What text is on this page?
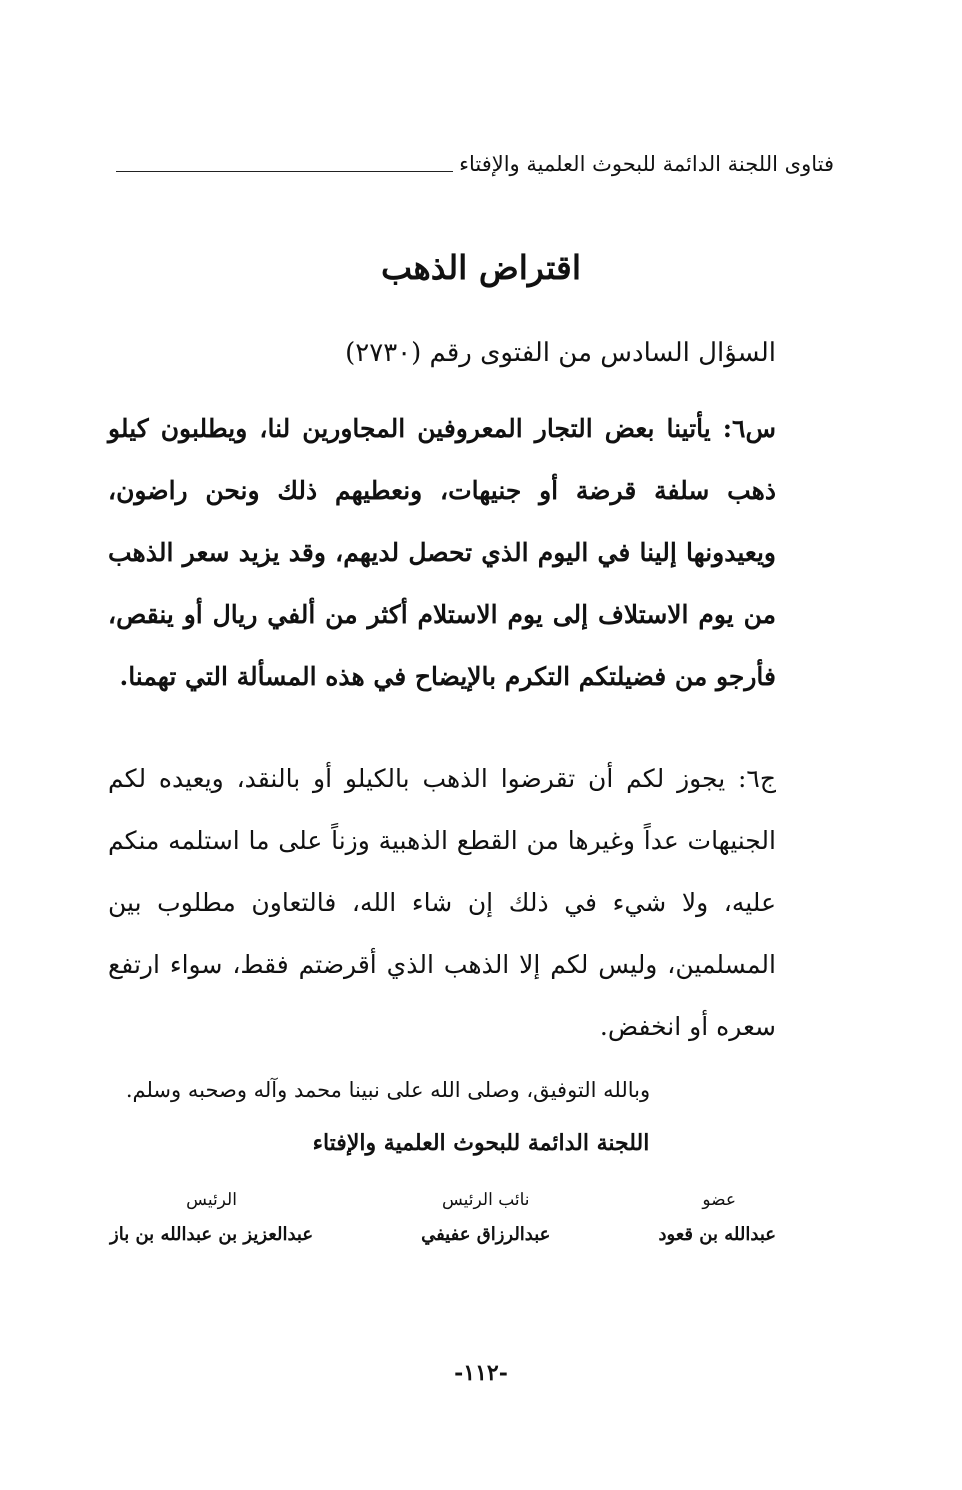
فتاوى اللجنة الدائمة للبحوث العلمية والإفتاء
اقتراض الذهب
السؤال السادس من الفتوى رقم (٢٧٣٠)
س٦: يأتينا بعض التجار المعروفين المجاورين لنا، ويطلبون كيلو ذهب سلفة قرضة أو جنيهات، ونعطيهم ذلك ونحن راضون، ويعيدونها إلينا في اليوم الذي تحصل لديهم، وقد يزيد سعر الذهب من يوم الاستلاف إلى يوم الاستلام أكثر من ألفي ريال أو ينقص، فأرجو من فضيلتكم التكرم بالإيضاح في هذه المسألة التي تهمنا.
ج٦: يجوز لكم أن تقرضوا الذهب بالكيلو أو بالنقد، ويعيده لكم الجنيهات عداً وغيرها من القطع الذهبية وزناً على ما استلمه منكم عليه، ولا شيء في ذلك إن شاء الله، فالتعاون مطلوب بين المسلمين، وليس لكم إلا الذهب الذي أقرضتم فقط، سواء ارتفع سعره أو انخفض.
وبالله التوفيق، وصلى الله على نبينا محمد وآله وصحبه وسلم.
اللجنة الدائمة للبحوث العلمية والإفتاء
عضو
عبدالله بن قعود
نائب الرئيس
عبدالرزاق عفيفي
الرئيس
عبدالعزيز بن عبدالله بن باز
-١١٢-
